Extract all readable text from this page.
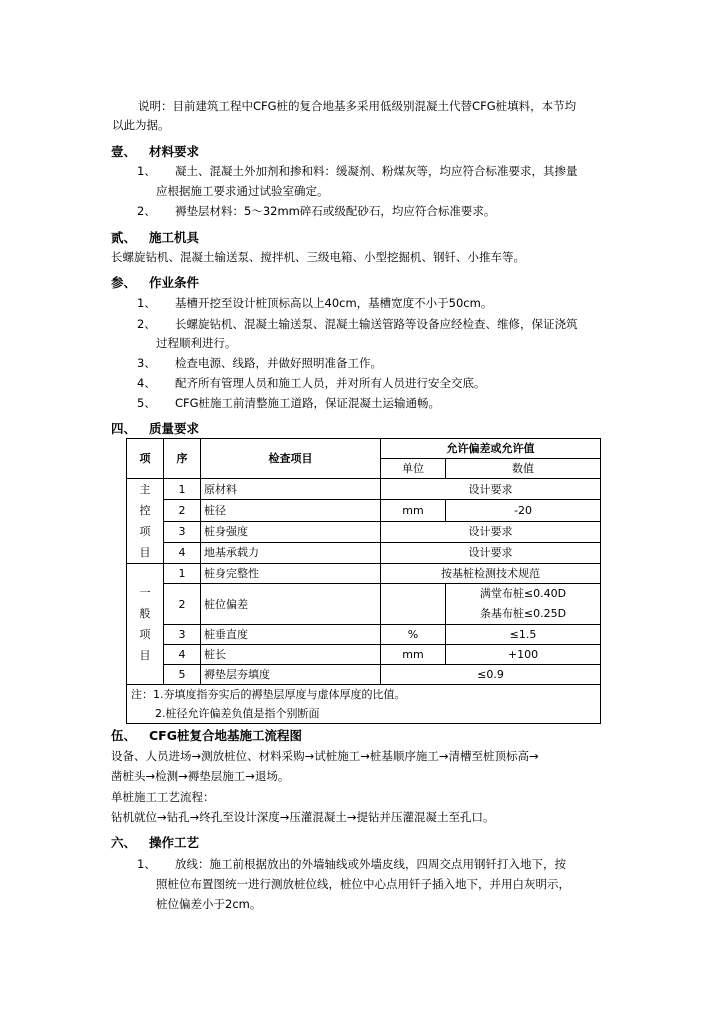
说明：目前建筑工程中CFG桩的复合地基多采用低级别混凝土代替CFG桩填料，本节均
以此为据。
壹、 材料要求
1、 凝土、混凝土外加剂和掺和料：缓凝剂、粉煤灰等，均应符合标准要求，其掺量
应根据施工要求通过试验室确定。
2、 褥垫层材料：5～32mm碎石或级配砂石，均应符合标准要求。
贰、 施工机具
长螺旋钻机、混凝土输送泵、搅拌机、三级电箱、小型挖掘机、钢钎、小推车等。
参、 作业条件
1、 基槽开挖至设计桩顶标高以上40cm，基槽宽度不小于50cm。
2、 长螺旋钻机、混凝土输送泵、混凝土输送管路等设备应经检查、维修，保证浇筑
过程顺利进行。
3、 检查电源、线路，并做好照明准备工作。
4、 配齐所有管理人员和施工人员，并对所有人员进行安全交底。
5、 CFG桩施工前清整施工道路，保证混凝土运输通畅。
四、 质量要求
项	序	检查项目	允许偏差或允许值	
			单位	数值

主
控
项
目	1	原材料	设计要求	
	2	桩径	mm	-20
	3	桩身强度	设计要求	
	4	地基承载力	设计要求	

一
般
项
目	1	桩身完整性	按基桩检测技术规范	
	2	桩位偏差		满堂布桩≤0.40D
条基布桩≤0.25D

	3	桩垂直度	%	≤1.5
	4	桩长	mm	+100
	5	褥垫层夯填度	≤0.9	

注：1.夯填度指夯实后的褥垫层厚度与虚体厚度的比值。
2.桩径允许偏差负值是指个别断面				
伍、 CFG桩复合地基施工流程图
设备、人员进场→测放桩位、材料采购→试桩施工→桩基顺序施工→清槽至桩顶标高→
凿桩头→检测→褥垫层施工→退场。
单桩施工工艺流程：
钻机就位→钻孔→终孔至设计深度→压灌混凝土→提钻并压灌混凝土至孔口。
六、 操作工艺
1、 放线：施工前根据放出的外墙轴线或外墙皮线，四周交点用钢钎打入地下，按
照桩位布置图统一进行测放桩位线，桩位中心点用钎子插入地下，并用白灰明示，
桩位偏差小于2cm。
